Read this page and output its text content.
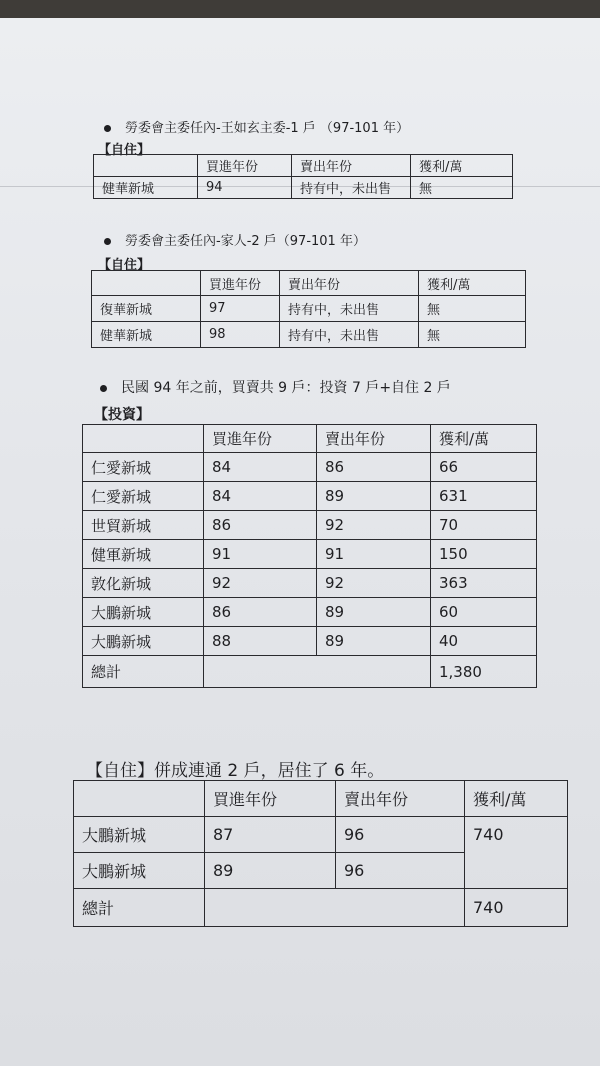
勞委會主委任內-王如玄主委-1 戶 （97-101 年）
【自住】
	買進年份	賣出年份	獲利/萬
健華新城	94	持有中，未出售	無
勞委會主委任內-家人-2 戶（97-101 年）
【自住】
	買進年份	賣出年份	獲利/萬
復華新城	97	持有中，未出售	無
健華新城	98	持有中，未出售	無
民國 94 年之前，買賣共 9 戶：投資 7 戶+自住 2 戶
【投資】
	買進年份	賣出年份	獲利/萬
仁愛新城	84	86	66
仁愛新城	84	89	631
世貿新城	86	92	70
健軍新城	91	91	150
敦化新城	92	92	363
大鵬新城	86	89	60
大鵬新城	88	89	40
總計			1,380
【自住】併成連通 2 戶，居住了 6 年。
	買進年份	賣出年份	獲利/萬
大鵬新城	87	96	740
大鵬新城	89	96	
總計			740
